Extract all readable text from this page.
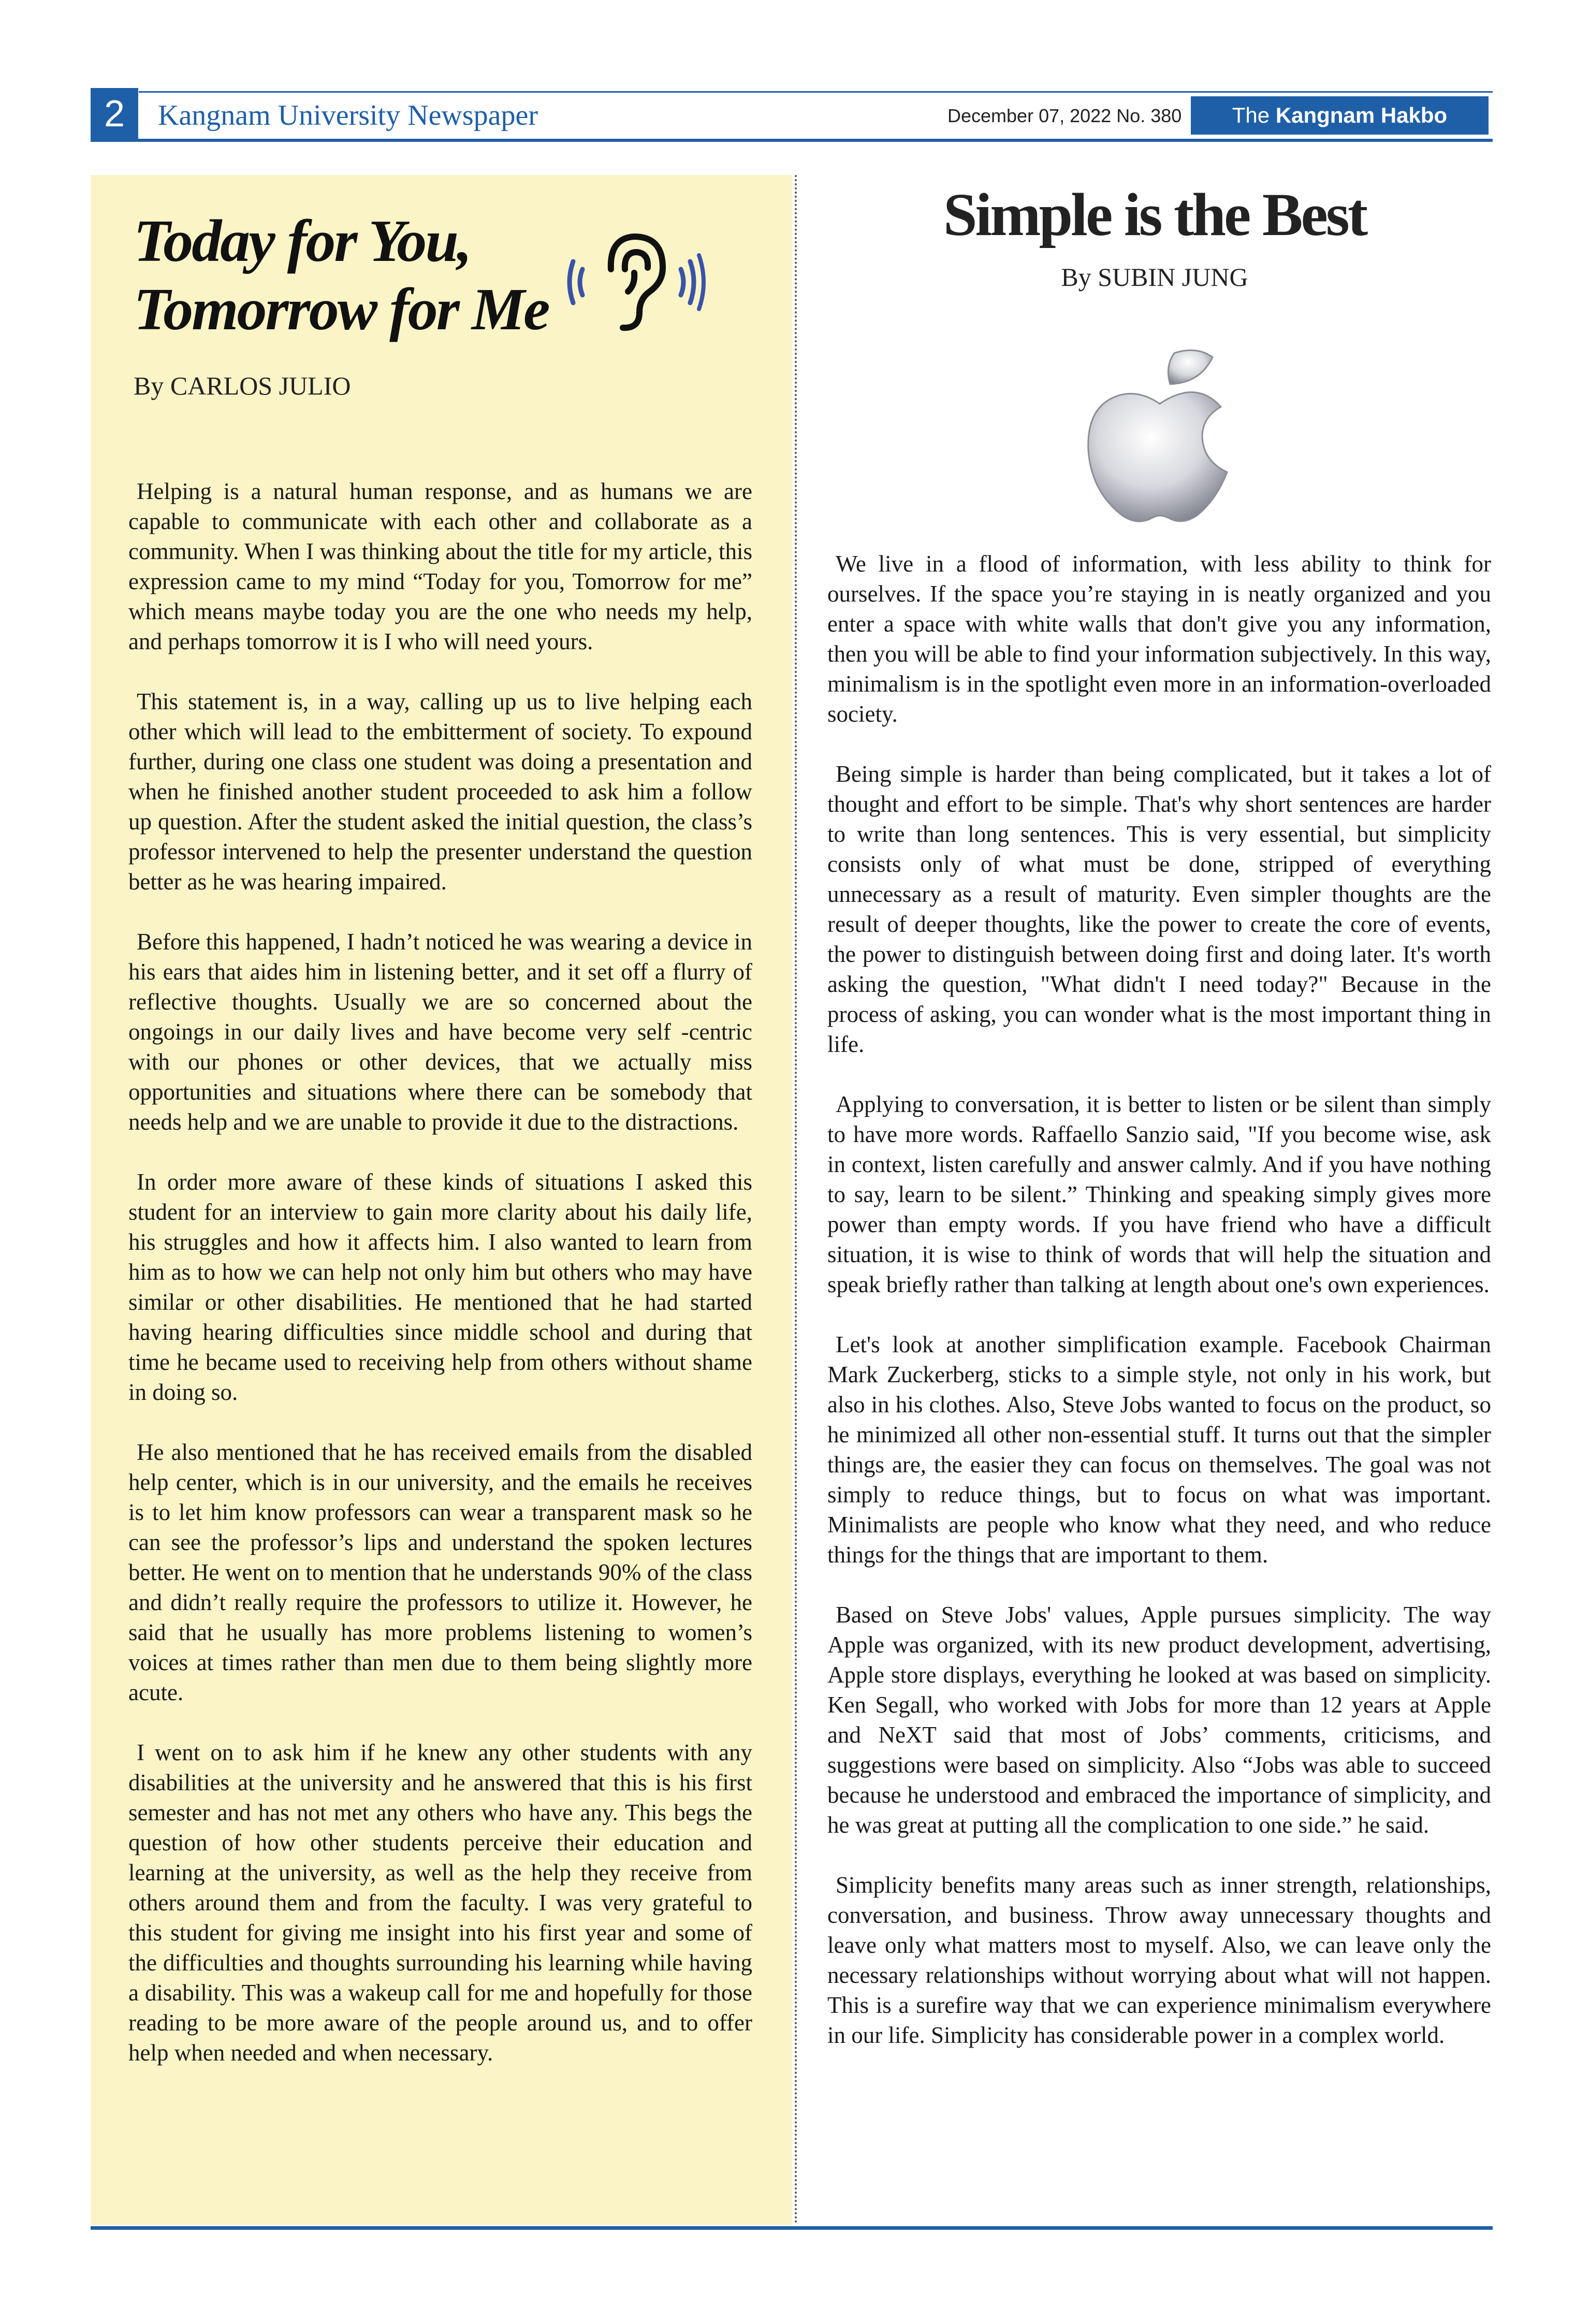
2	Kangnam University Newspaper	December 07, 2022 No. 380	The Kangnam Hakbo
Today for You,
Tomorrow for Me
By CARLOS JULIO

Helping is a natural human response, and as humans we are capable to communicate with each other and collaborate as a community. When I was thinking about the title for my article, this expression came to my mind “Today for you, Tomorrow for me” which means maybe today you are the one who needs my help, and perhaps tomorrow it is I who will need yours.

This statement is, in a way, calling up us to live helping each other which will lead to the embitterment of society. To expound further, during one class one student was doing a presentation and when he finished another student proceeded to ask him a follow up question. After the student asked the initial question, the class’s professor intervened to help the presenter understand the question better as he was hearing impaired.

Before this happened, I hadn’t noticed he was wearing a device in his ears that aides him in listening better, and it set off a flurry of reflective thoughts. Usually we are so concerned about the ongoings in our daily lives and have become very self -centric with our phones or other devices, that we actually miss opportunities and situations where there can be somebody that needs help and we are unable to provide it due to the distractions.

In order more aware of these kinds of situations I asked this student for an interview to gain more clarity about his daily life, his struggles and how it affects him. I also wanted to learn from him as to how we can help not only him but others who may have similar or other disabilities. He mentioned that he had started having hearing difficulties since middle school and during that time he became used to receiving help from others without shame in doing so.

He also mentioned that he has received emails from the disabled help center, which is in our university, and the emails he receives is to let him know professors can wear a transparent mask so he can see the professor’s lips and understand the spoken lectures better. He went on to mention that he understands 90% of the class and didn’t really require the professors to utilize it. However, he said that he usually has more problems listening to women’s voices at times rather than men due to them being slightly more acute.

I went on to ask him if he knew any other students with any disabilities at the university and he answered that this is his first semester and has not met any others who have any. This begs the question of how other students perceive their education and learning at the university, as well as the help they receive from others around them and from the faculty. I was very grateful to this student for giving me insight into his first year and some of the difficulties and thoughts surrounding his learning while having a disability. This was a wakeup call for me and hopefully for those reading to be more aware of the people around us, and to offer help when needed and when necessary.

Simple is the Best
By SUBIN JUNG

We live in a flood of information, with less ability to think for ourselves. If the space you’re staying in is neatly organized and you enter a space with white walls that don't give you any information, then you will be able to find your information subjectively. In this way, minimalism is in the spotlight even more in an information-overloaded society.

Being simple is harder than being complicated, but it takes a lot of thought and effort to be simple. That's why short sentences are harder to write than long sentences. This is very essential, but simplicity consists only of what must be done, stripped of everything unnecessary as a result of maturity. Even simpler thoughts are the result of deeper thoughts, like the power to create the core of events, the power to distinguish between doing first and doing later. It's worth asking the question, "What didn't I need today?" Because in the process of asking, you can wonder what is the most important thing in life.

Applying to conversation, it is better to listen or be silent than simply to have more words. Raffaello Sanzio said, "If you become wise, ask in context, listen carefully and answer calmly. And if you have nothing to say, learn to be silent.” Thinking and speaking simply gives more power than empty words. If you have friend who have a difficult situation, it is wise to think of words that will help the situation and speak briefly rather than talking at length about one's own experiences.

Let's look at another simplification example. Facebook Chairman Mark Zuckerberg, sticks to a simple style, not only in his work, but also in his clothes. Also, Steve Jobs wanted to focus on the product, so he minimized all other non-essential stuff. It turns out that the simpler things are, the easier they can focus on themselves. The goal was not simply to reduce things, but to focus on what was important. Minimalists are people who know what they need, and who reduce things for the things that are important to them.

Based on Steve Jobs' values, Apple pursues simplicity. The way Apple was organized, with its new product development, advertising, Apple store displays, everything he looked at was based on simplicity. Ken Segall, who worked with Jobs for more than 12 years at Apple and NeXT said that most of Jobs’ comments, criticisms, and suggestions were based on simplicity. Also “Jobs was able to succeed because he understood and embraced the importance of simplicity, and he was great at putting all the complication to one side.” he said.

Simplicity benefits many areas such as inner strength, relationships, conversation, and business. Throw away unnecessary thoughts and leave only what matters most to myself. Also, we can leave only the necessary relationships without worrying about what will not happen. This is a surefire way that we can experience minimalism everywhere in our life. Simplicity has considerable power in a complex world.
